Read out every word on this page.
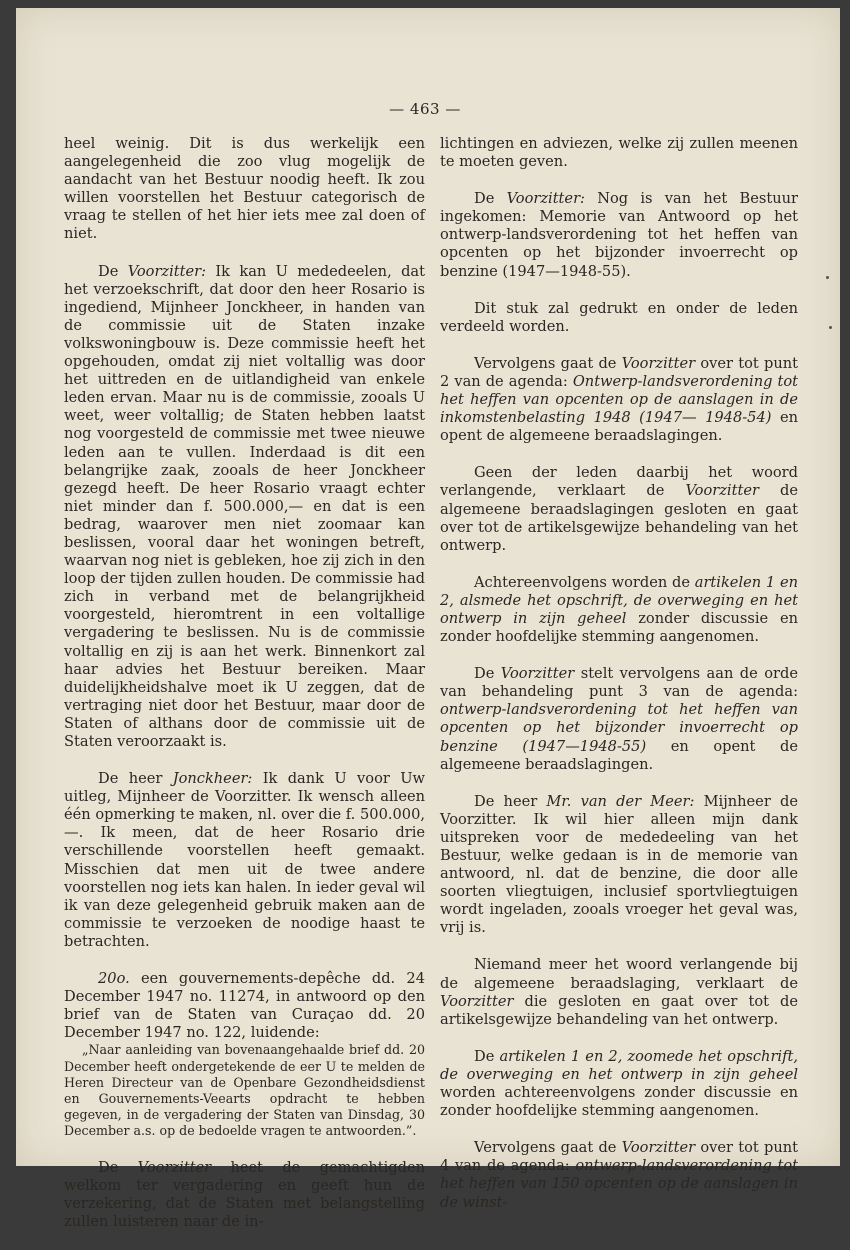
— 463 —

heel weinig. Dit is dus werkelijk een aangelegenheid die zoo vlug mogelijk de aandacht van het Bestuur noodig heeft. Ik zou willen voorstellen het Bestuur categorisch de vraag te stellen of het hier iets mee zal doen of niet.

De Voorzitter: Ik kan U mededeelen, dat het verzoekschrift, dat door den heer Rosario is ingediend, Mijnheer Jonckheer, in handen van de commissie uit de Staten inzake volkswoningbouw is. Deze commissie heeft het opgehouden, omdat zij niet voltallig was door het uittreden en de uitlandigheid van enkele leden ervan. Maar nu is de commissie, zooals U weet, weer voltallig; de Staten hebben laatst nog voorgesteld de commissie met twee nieuwe leden aan te vullen. Inderdaad is dit een belangrijke zaak, zooals de heer Jonckheer gezegd heeft. De heer Rosario vraagt echter niet minder dan f. 500.000,— en dat is een bedrag, waarover men niet zoomaar kan beslissen, vooral daar het woningen betreft, waarvan nog niet is gebleken, hoe zij zich in den loop der tijden zullen houden. De commissie had zich in verband met de belangrijkheid voorgesteld, hieromtrent in een voltallige vergadering te beslissen. Nu is de commissie voltallig en zij is aan het werk. Binnenkort zal haar advies het Bestuur bereiken. Maar duidelijkheidshalve moet ik U zeggen, dat de vertraging niet door het Bestuur, maar door de Staten of althans door de commissie uit de Staten veroorzaakt is.

De heer Jonckheer: Ik dank U voor Uw uitleg, Mijnheer de Voorzitter. Ik wensch alleen één opmerking te maken, nl. over die f. 500.000,—. Ik meen, dat de heer Rosario drie verschillende voorstellen heeft gemaakt. Misschien dat men uit de twee andere voorstellen nog iets kan halen. In ieder geval wil ik van deze gelegenheid gebruik maken aan de commissie te verzoeken de noodige haast te betrachten.

20o. een gouvernements-depêche dd. 24 December 1947 no. 11274, in antwoord op den brief van de Staten van Curaçao dd. 20 December 1947 no. 122, luidende:

„Naar aanleiding van bovenaangehaalde brief dd. 20 December heeft ondergetekende de eer U te melden de Heren Directeur van de Openbare Gezondheidsdienst en Gouvernements-Veearts opdracht te hebben gegeven, in de vergadering der Staten van Dinsdag, 30 December a.s. op de bedoelde vragen te antwoorden.”.

De Voorzitter heet de gemachtigden welkom ter vergadering en geeft hun de verzekering, dat de Staten met belangstelling zullen luisteren naar de in-

lichtingen en adviezen, welke zij zullen meenen te moeten geven.

De Voorzitter: Nog is van het Bestuur ingekomen: Memorie van Antwoord op het ontwerp-landsverordening tot het heffen van opcenten op het bijzonder invoerrecht op benzine (1947—1948-55).

Dit stuk zal gedrukt en onder de leden verdeeld worden.

Vervolgens gaat de Voorzitter over tot punt 2 van de agenda: Ontwerp-landsverordening tot het heffen van opcenten op de aanslagen in de inkomstenbelasting 1948 (1947— 1948-54) en opent de algemeene beraadslagingen.

Geen der leden daarbij het woord verlangende, verklaart de Voorzitter de algemeene beraadslagingen gesloten en gaat over tot de artikelsgewijze behandeling van het ontwerp.

Achtereenvolgens worden de artikelen 1 en 2, alsmede het opschrift, de overweging en het ontwerp in zijn geheel zonder discussie en zonder hoofdelijke stemming aangenomen.

De Voorzitter stelt vervolgens aan de orde van behandeling punt 3 van de agenda: ontwerp-landsverordening tot het heffen van opcenten op het bijzonder invoerrecht op benzine (1947—1948-55) en opent de algemeene beraadslagingen.

De heer Mr. van der Meer: Mijnheer de Voorzitter. Ik wil hier alleen mijn dank uitspreken voor de mededeeling van het Bestuur, welke gedaan is in de memorie van antwoord, nl. dat de benzine, die door alle soorten vliegtuigen, inclusief sportvliegtuigen wordt ingeladen, zooals vroeger het geval was, vrij is.

Niemand meer het woord verlangende bij de algemeene beraadslaging, verklaart de Voorzitter die gesloten en gaat over tot de artikelsgewijze behandeling van het ontwerp.

De artikelen 1 en 2, zoomede het opschrift, de overweging en het ontwerp in zijn geheel worden achtereenvolgens zonder discussie en zonder hoofdelijke stemming aangenomen.

Vervolgens gaat de Voorzitter over tot punt 4 van de agenda: ontwerp-landsverordening tot het heffen van 150 opcenten op de aanslagen in de winst-
